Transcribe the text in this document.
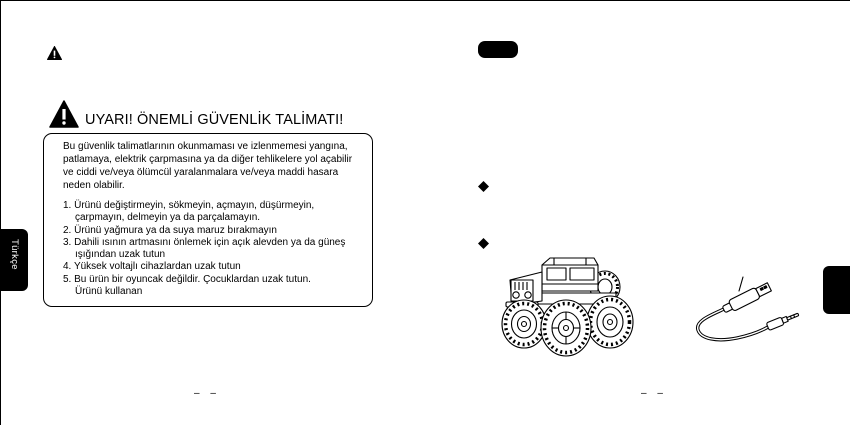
UYARI! ÖNEMLİ GÜVENLİK TALİMATI!
Bu güvenlik talimatlarının okunmaması ve izlenmemesi yangına,
patlamaya, elektrik çarpmasına ya da diğer tehlikelere yol açabilir
ve ciddi ve/veya ölümcül yaralanmalara ve/veya maddi hasara
neden olabilir.
1. Ürünü değiştirmeyin, sökmeyin, açmayın, düşürmeyin,
çarpmayın, delmeyin ya da parçalamayın.
2. Ürünü yağmura ya da suya maruz bırakmayın
3. Dahili ısının artmasını önlemek için açık alevden ya da güneş
ışığından uzak tutun
4. Yüksek voltajlı cihazlardan uzak tutun
5. Bu ürün bir oyuncak değildir. Çocuklardan uzak tutun.
Ürünü kullanan
Türkçe
– –	– –
